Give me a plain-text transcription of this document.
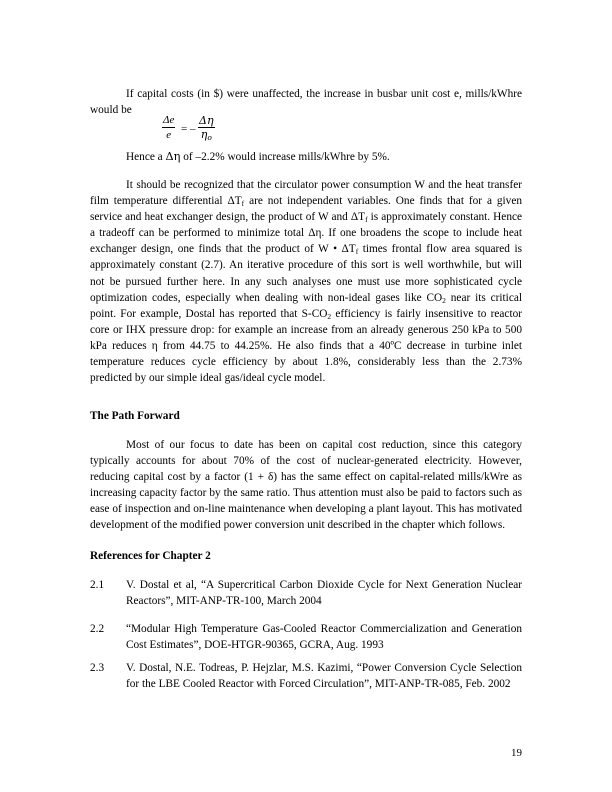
If capital costs (in $) were unaffected, the increase in busbar unit cost e, mills/kWhre would be

$\frac{\Delta e}{e}$ = – $\frac{\Delta\eta}{\eta_o}$

Hence a Δη of –2.2% would increase mills/kWhre by 5%.

It should be recognized that the circulator power consumption W and the heat transfer film temperature differential $\Delta T_f$ are not independent variables. One finds that for a given service and heat exchanger design, the product of W and $\Delta T_f$ is approximately constant. Hence a tradeoff can be performed to minimize total Δη. If one broadens the scope to include heat exchanger design, one finds that the product of W • $\Delta T_f$ times frontal flow area squared is approximately constant (2.7). An iterative procedure of this sort is well worthwhile, but will not be pursued further here. In any such analyses one must use more sophisticated cycle optimization codes, especially when dealing with non-ideal gases like $CO_2$ near its critical point. For example, Dostal has reported that $S-CO_2$ efficiency is fairly insensitive to reactor core or IHX pressure drop: for example an increase from an already generous 250 kPa to 500 kPa reduces η from 44.75 to 44.25%. He also finds that a 40ºC decrease in turbine inlet temperature reduces cycle efficiency by about 1.8%, considerably less than the 2.73% predicted by our simple ideal gas/ideal cycle model.

The Path Forward

Most of our focus to date has been on capital cost reduction, since this category typically accounts for about 70% of the cost of nuclear-generated electricity. However, reducing capital cost by a factor (1 + δ) has the same effect on capital-related mills/kWre as increasing capacity factor by the same ratio. Thus attention must also be paid to factors such as ease of inspection and on-line maintenance when developing a plant layout. This has motivated development of the modified power conversion unit described in the chapter which follows.

References for Chapter 2
2.1 V. Dostal et al, “A Supercritical Carbon Dioxide Cycle for Next Generation Nuclear Reactors”, MIT-ANP-TR-100, March 2004
2.2 “Modular High Temperature Gas-Cooled Reactor Commercialization and Generation Cost Estimates”, DOE-HTGR-90365, GCRA, Aug. 1993
2.3 V. Dostal, N.E. Todreas, P. Hejzlar, M.S. Kazimi, “Power Conversion Cycle Selection for the LBE Cooled Reactor with Forced Circulation”, MIT-ANP-TR-085, Feb. 2002
19
